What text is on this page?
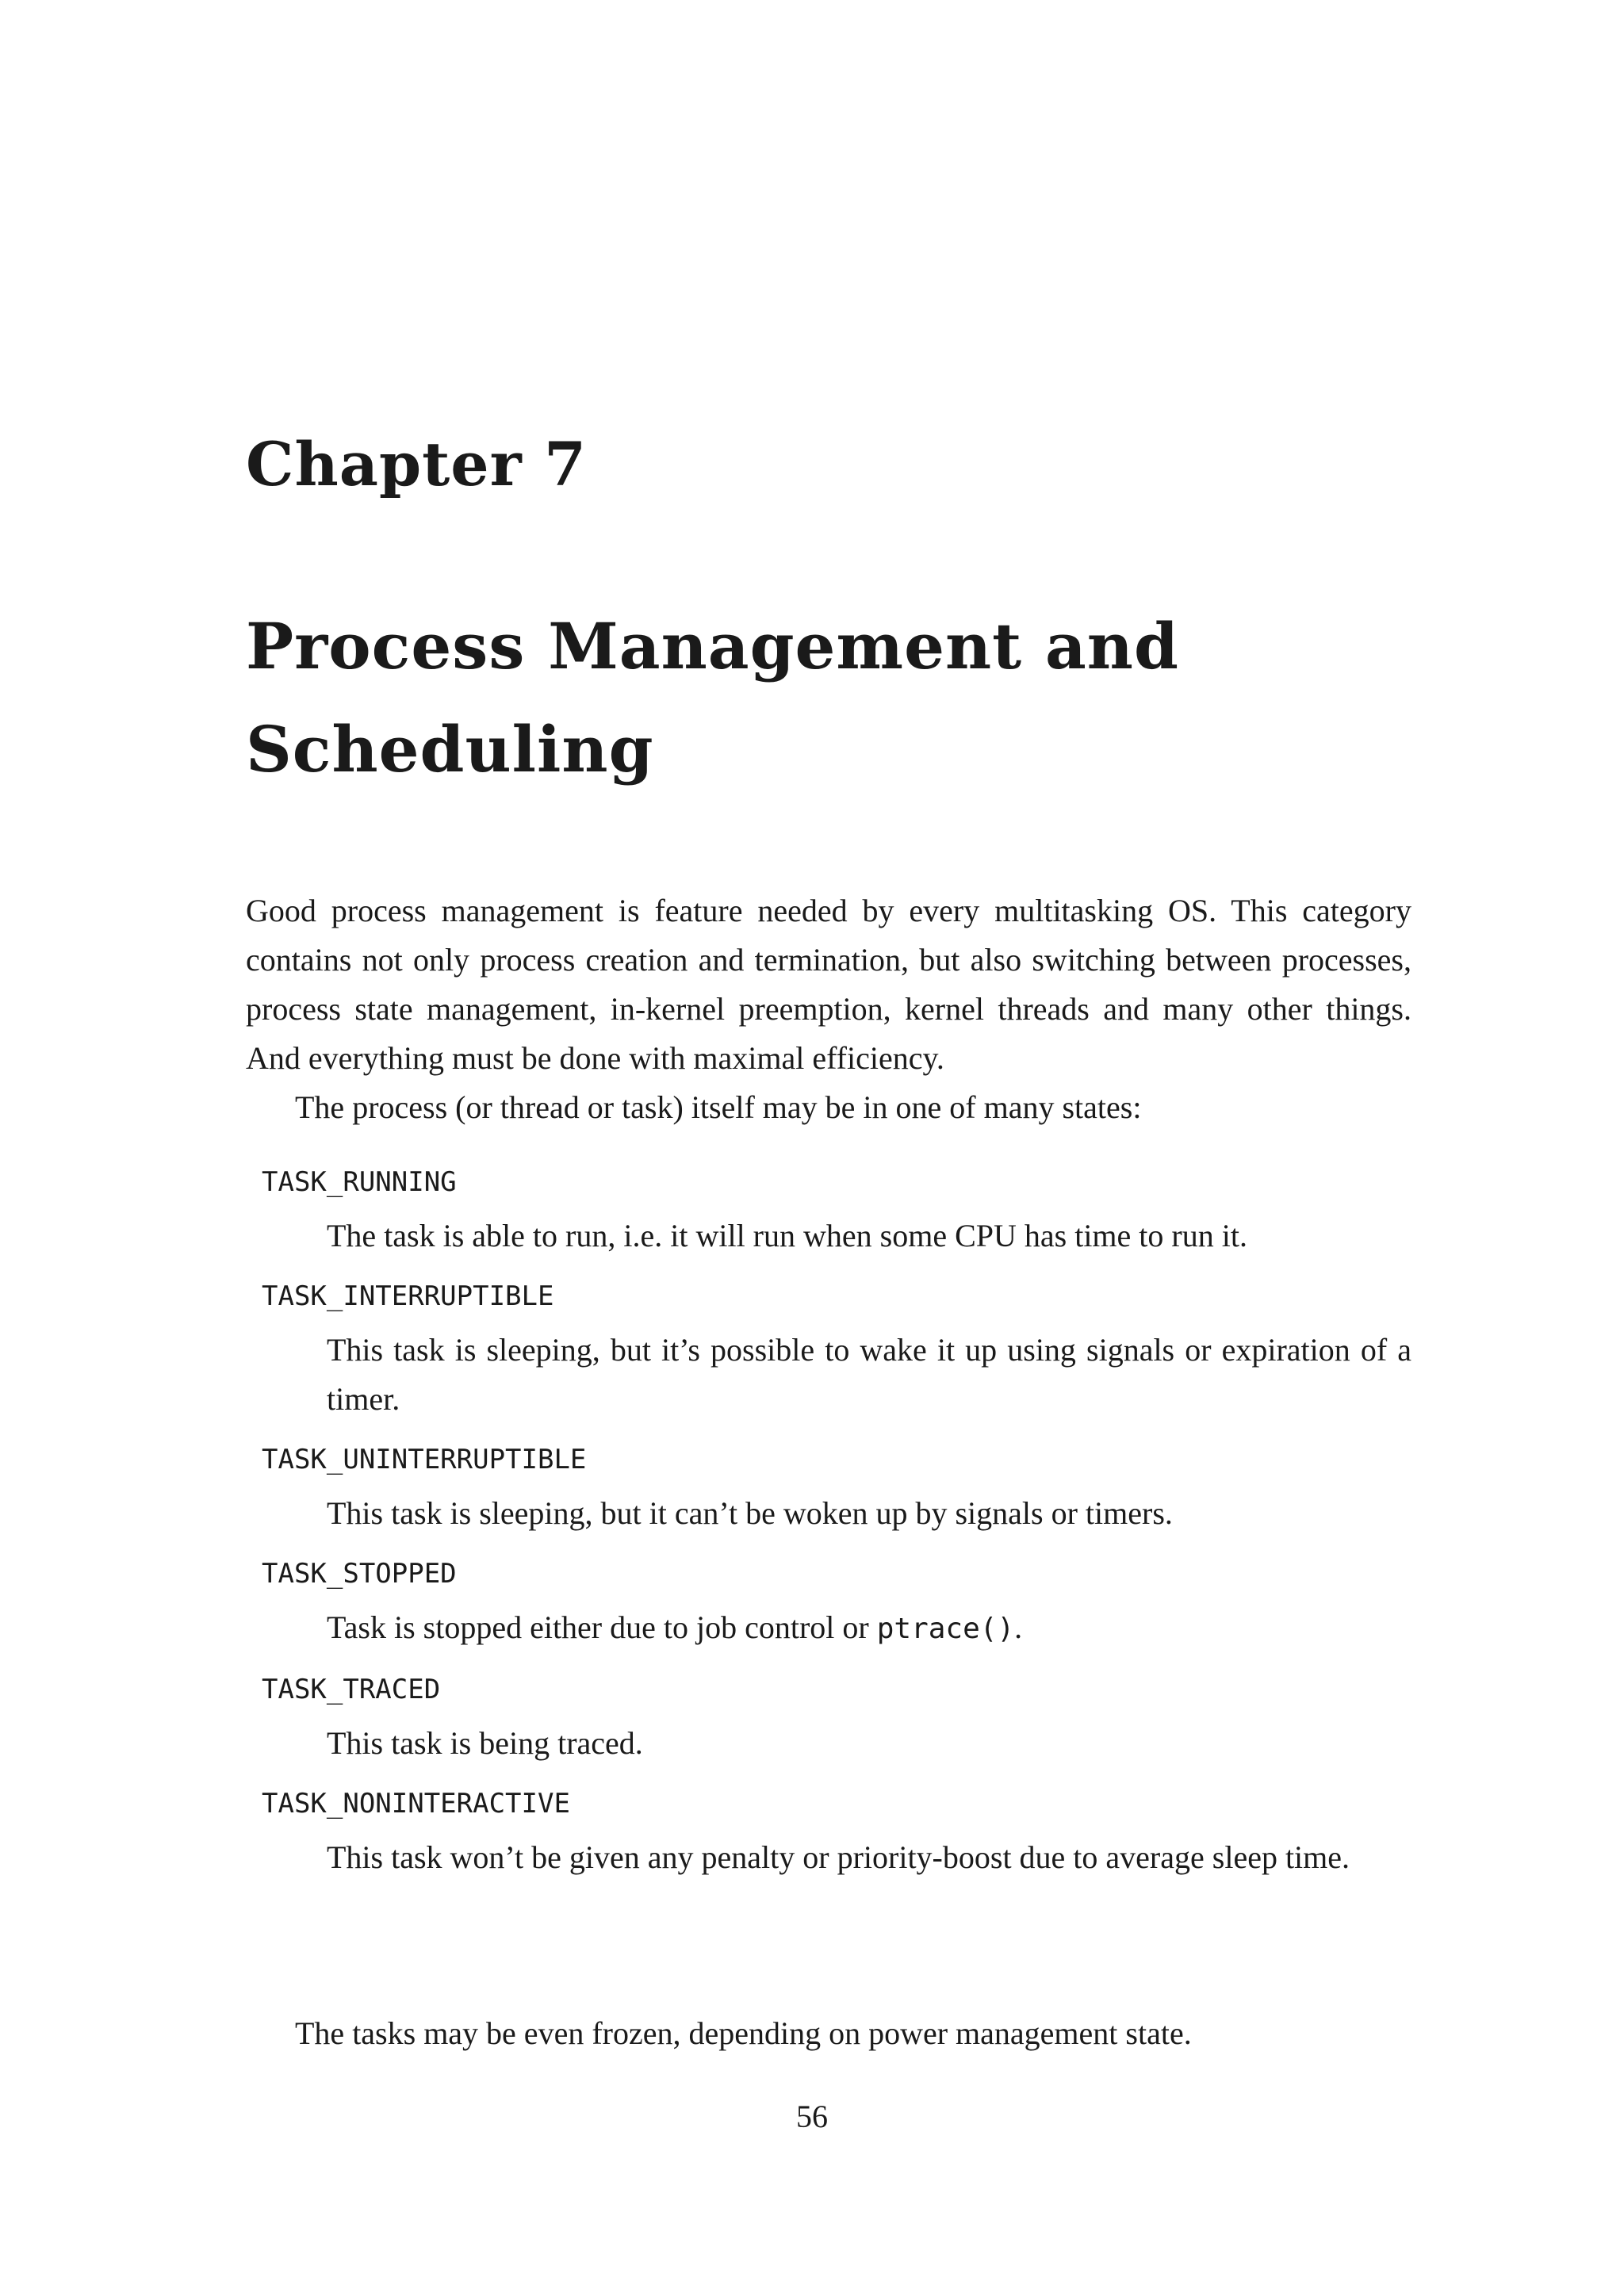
Chapter 7
Process Management and
Scheduling

Good process management is feature needed by every multitasking OS. This category contains not only process creation and termination, but also switching between processes, process state management, in-kernel preemption, kernel threads and many other things. And everything must be done with maximal efficiency.

The process (or thread or task) itself may be in one of many states:

TASK_RUNNING
The task is able to run, i.e. it will run when some CPU has time to run it.
TASK_INTERRUPTIBLE
This task is sleeping, but it’s possible to wake it up using signals or expiration of a timer.
TASK_UNINTERRUPTIBLE
This task is sleeping, but it can’t be woken up by signals or timers.
TASK_STOPPED
Task is stopped either due to job control or ptrace().
TASK_TRACED
This task is being traced.
TASK_NONINTERACTIVE
This task won’t be given any penalty or priority-boost due to average sleep time.

The tasks may be even frozen, depending on power management state.

56
